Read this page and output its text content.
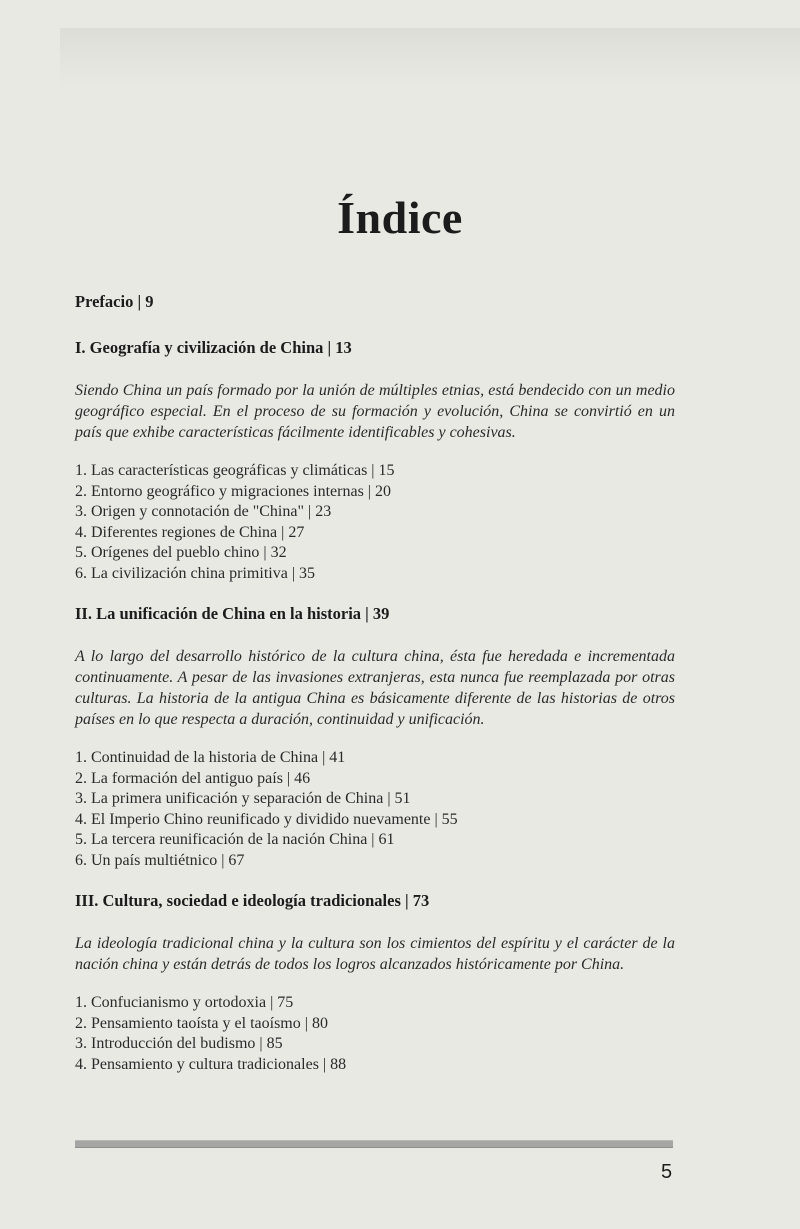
Índice
Prefacio | 9
I. Geografía y civilización de China | 13

Siendo China un país formado por la unión de múltiples etnias, está bendecido con un medio geográfico especial. En el proceso de su formación y evolución, China se convirtió en un país que exhibe características fácilmente identificables y cohesivas.

1. Las características geográficas y climáticas | 15
2. Entorno geográfico y migraciones internas | 20
3. Origen y connotación de "China" | 23
4. Diferentes regiones de China | 27
5. Orígenes del pueblo chino | 32
6. La civilización china primitiva | 35
II. La unificación de China en la historia | 39

A lo largo del desarrollo histórico de la cultura china, ésta fue heredada e incrementada continuamente. A pesar de las invasiones extranjeras, esta nunca fue reemplazada por otras culturas. La historia de la antigua China es básicamente diferente de las historias de otros países en lo que respecta a duración, continuidad y unificación.

1. Continuidad de la historia de China | 41
2. La formación del antiguo país | 46
3. La primera unificación y separación de China | 51
4. El Imperio Chino reunificado y dividido nuevamente | 55
5. La tercera reunificación de la nación China | 61
6. Un país multiétnico | 67
III. Cultura, sociedad e ideología tradicionales | 73

La ideología tradicional china y la cultura son los cimientos del espíritu y el carácter de la nación china y están detrás de todos los logros alcanzados históricamente por China.

1. Confucianismo y ortodoxia | 75
2. Pensamiento taoísta y el taoísmo | 80
3. Introducción del budismo | 85
4. Pensamiento y cultura tradicionales | 88
5
